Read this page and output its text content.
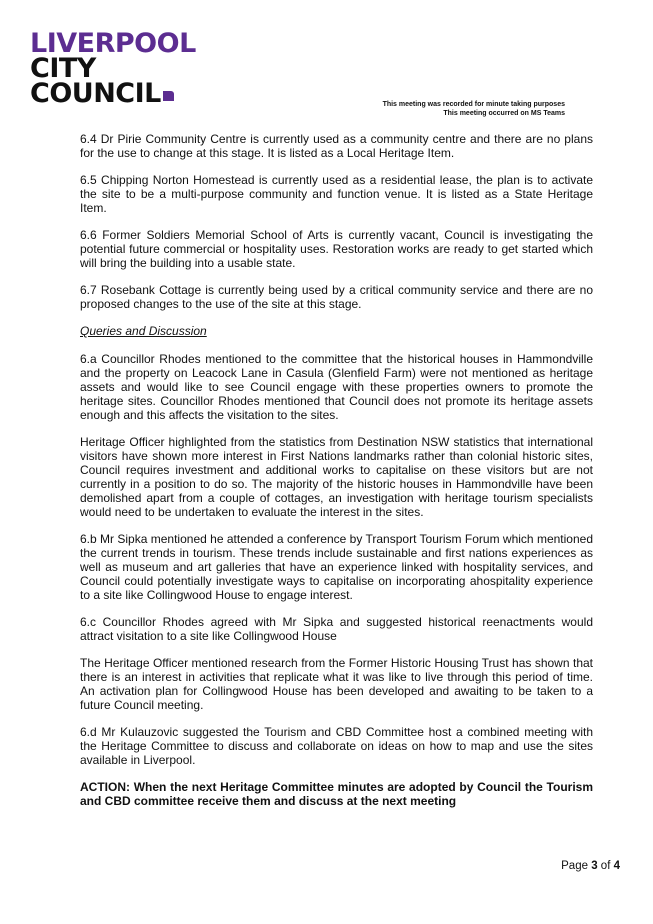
LIVERPOOL
CITY
COUNCIL	This meeting was recorded for minute taking purposes
This meeting occurred on MS Teams

6.4 Dr Pirie Community Centre is currently used as a community centre and there are no plans for the use to change at this stage. It is listed as a Local Heritage Item.

6.5 Chipping Norton Homestead is currently used as a residential lease, the plan is to activate the site to be a multi-purpose community and function venue. It is listed as a State Heritage Item.

6.6 Former Soldiers Memorial School of Arts is currently vacant, Council is investigating the potential future commercial or hospitality uses. Restoration works are ready to get started which will bring the building into a usable state.

6.7 Rosebank Cottage is currently being used by a critical community service and there are no proposed changes to the use of the site at this stage.

Queries and Discussion

6.a Councillor Rhodes mentioned to the committee that the historical houses in Hammondville and the property on Leacock Lane in Casula (Glenfield Farm) were not mentioned as heritage assets and would like to see Council engage with these properties owners to promote the heritage sites. Councillor Rhodes mentioned that Council does not promote its heritage assets enough and this affects the visitation to the sites.

Heritage Officer highlighted from the statistics from Destination NSW statistics that international visitors have shown more interest in First Nations landmarks rather than colonial historic sites, Council requires investment and additional works to capitalise on these visitors but are not currently in a position to do so. The majority of the historic houses in Hammondville have been demolished apart from a couple of cottages, an investigation with heritage tourism specialists would need to be undertaken to evaluate the interest in the sites.

6.b Mr Sipka mentioned he attended a conference by Transport Tourism Forum which mentioned the current trends in tourism. These trends include sustainable and first nations experiences as well as museum and art galleries that have an experience linked with hospitality services, and Council could potentially investigate ways to capitalise on incorporating ahospitality experience to a site like Collingwood House to engage interest.

6.c Councillor Rhodes agreed with Mr Sipka and suggested historical reenactments would attract visitation to a site like Collingwood House

The Heritage Officer mentioned research from the Former Historic Housing Trust has shown that there is an interest in activities that replicate what it was like to live through this period of time. An activation plan for Collingwood House has been developed and awaiting to be taken to a future Council meeting.

6.d Mr Kulauzovic suggested the Tourism and CBD Committee host a combined meeting with the Heritage Committee to discuss and collaborate on ideas on how to map and use the sites available in Liverpool.

ACTION: When the next Heritage Committee minutes are adopted by Council the Tourism and CBD committee receive them and discuss at the next meeting

Page 3 of 4
